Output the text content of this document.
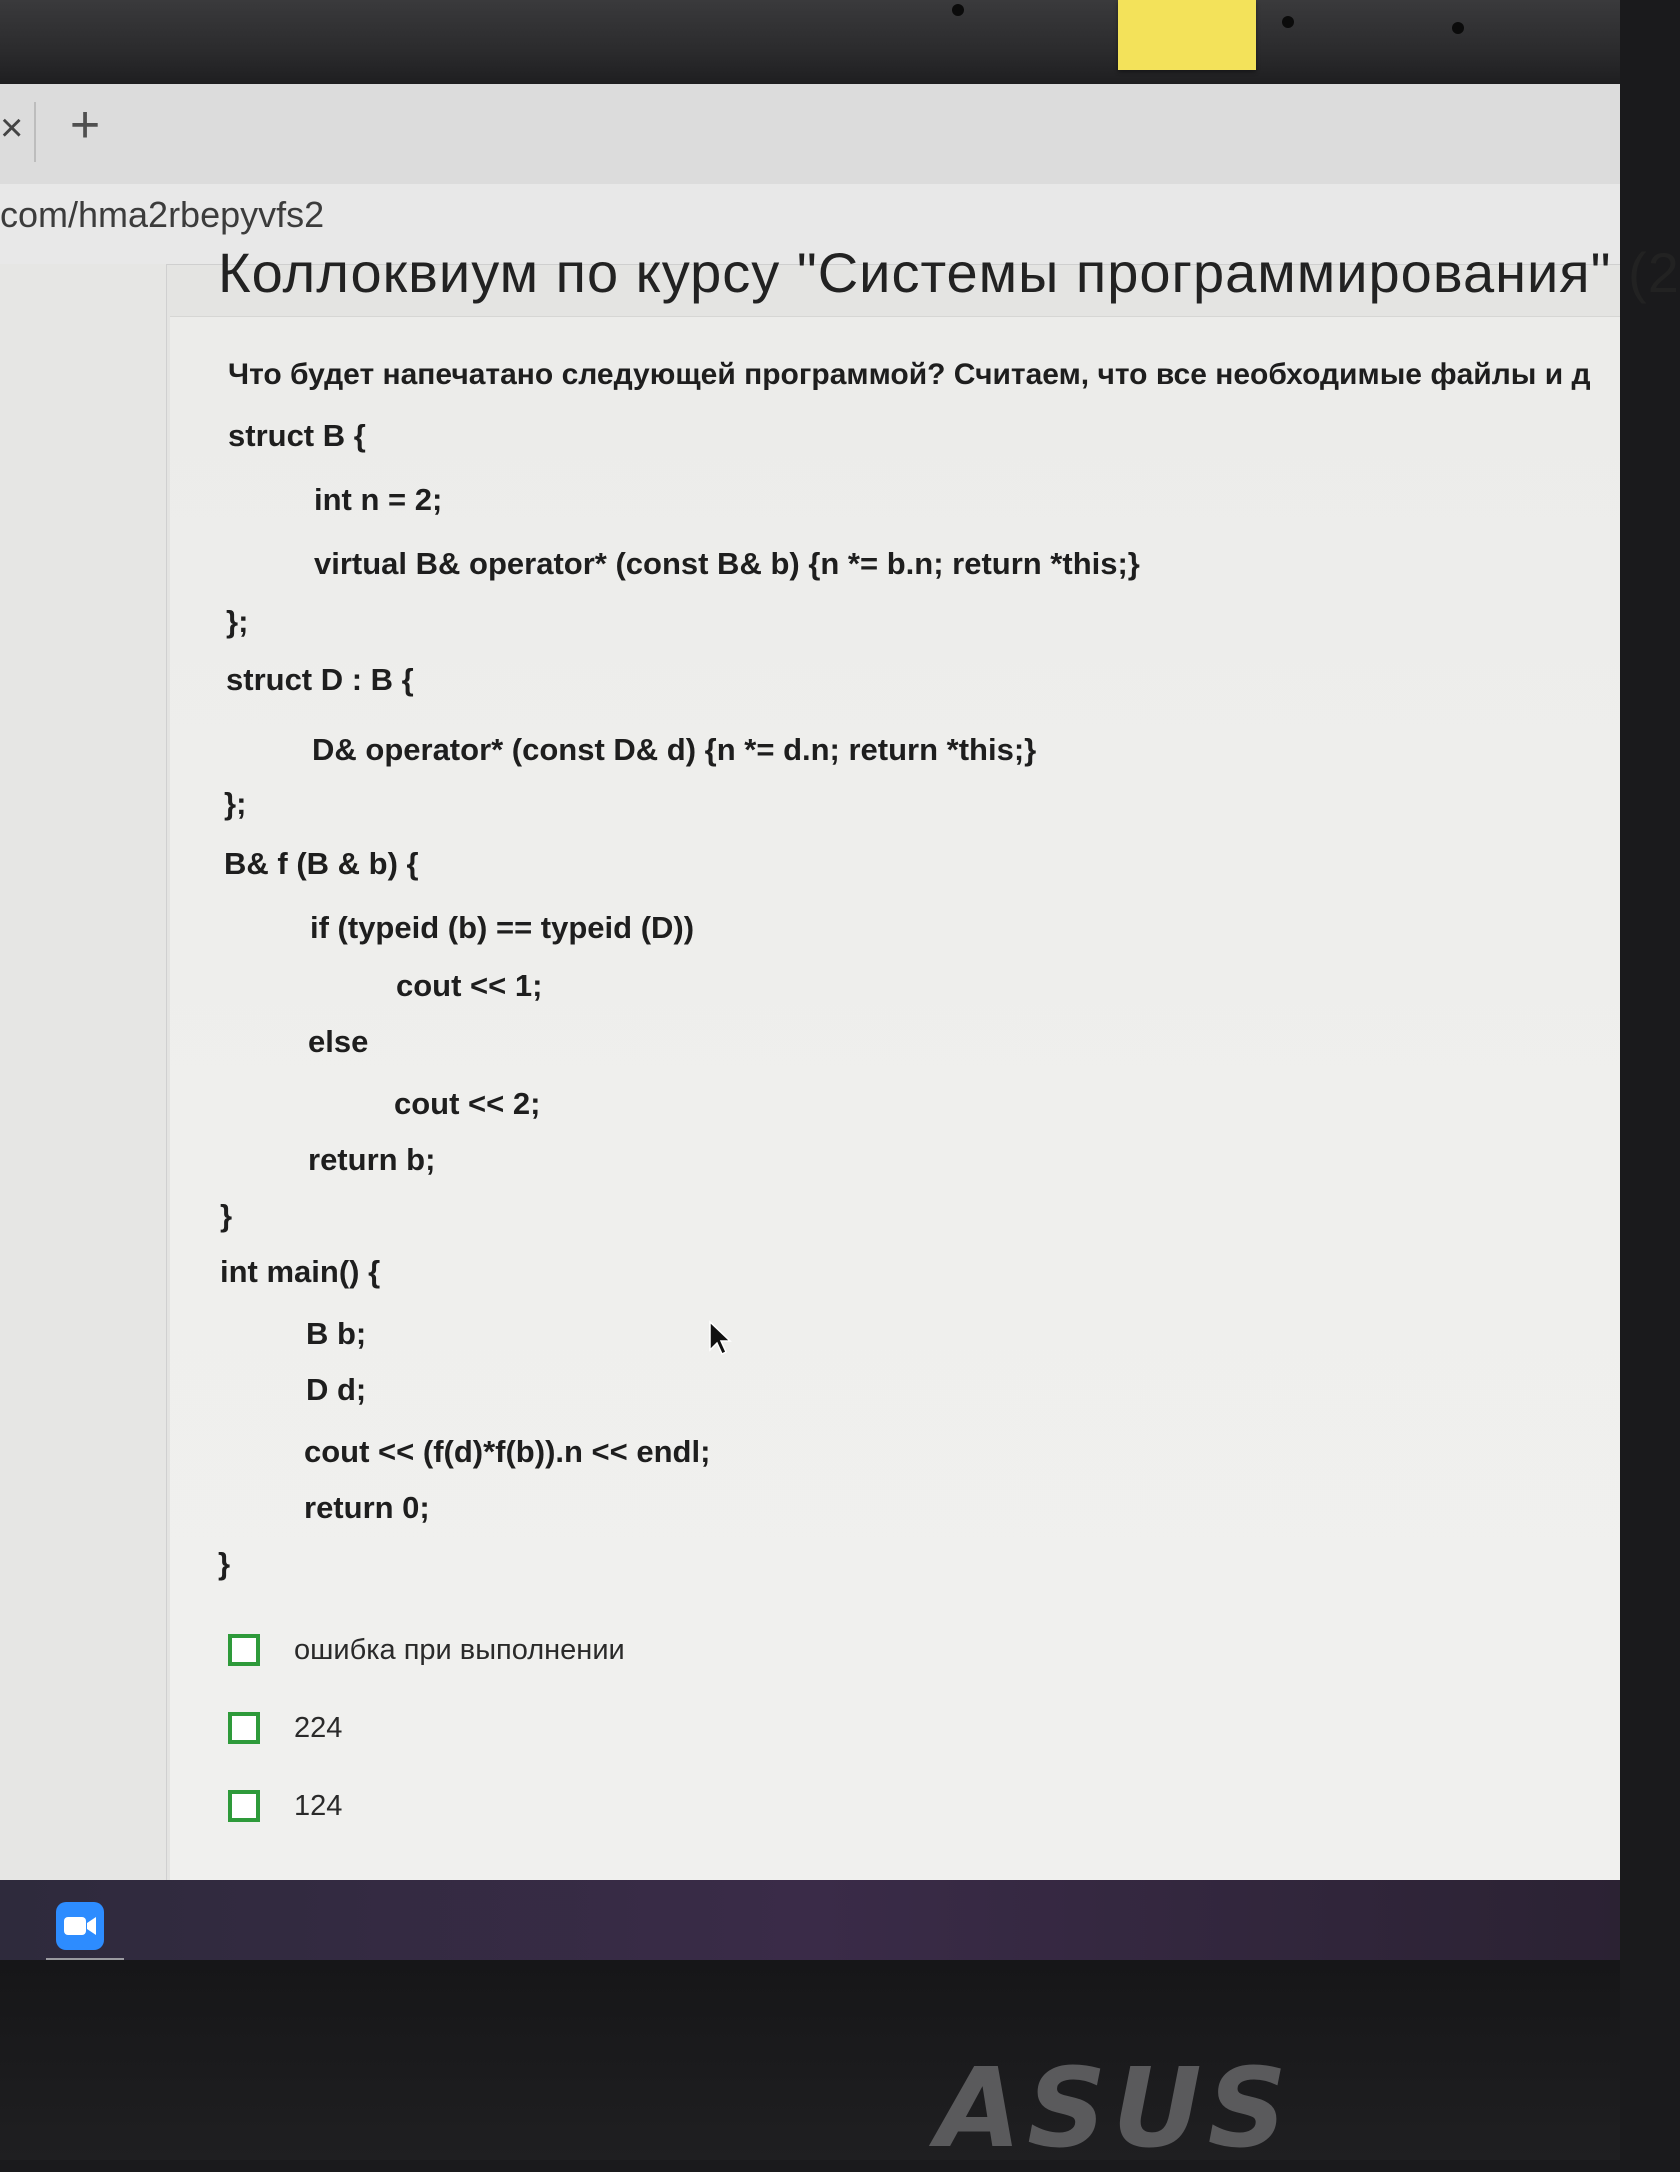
× +
com/hma2rbepyvfs2
Коллоквиум по курсу "Системы программирования" (2
Что будет напечатано следующей программой? Считаем, что все необходимые файлы и д
struct B {
int n = 2;
virtual B& operator* (const B& b) {n *= b.n; return *this;}
};
struct D : B {
D& operator* (const D& d) {n *= d.n; return *this;}
};
B& f (B & b) {
if (typeid (b) == typeid (D))
cout << 1;
else
cout << 2;
return b;
}
int main() {
B b;
D d;
cout << (f(d)*f(b)).n << endl;
return 0;
}
ошибка при выполнении
224
124
ASUS
